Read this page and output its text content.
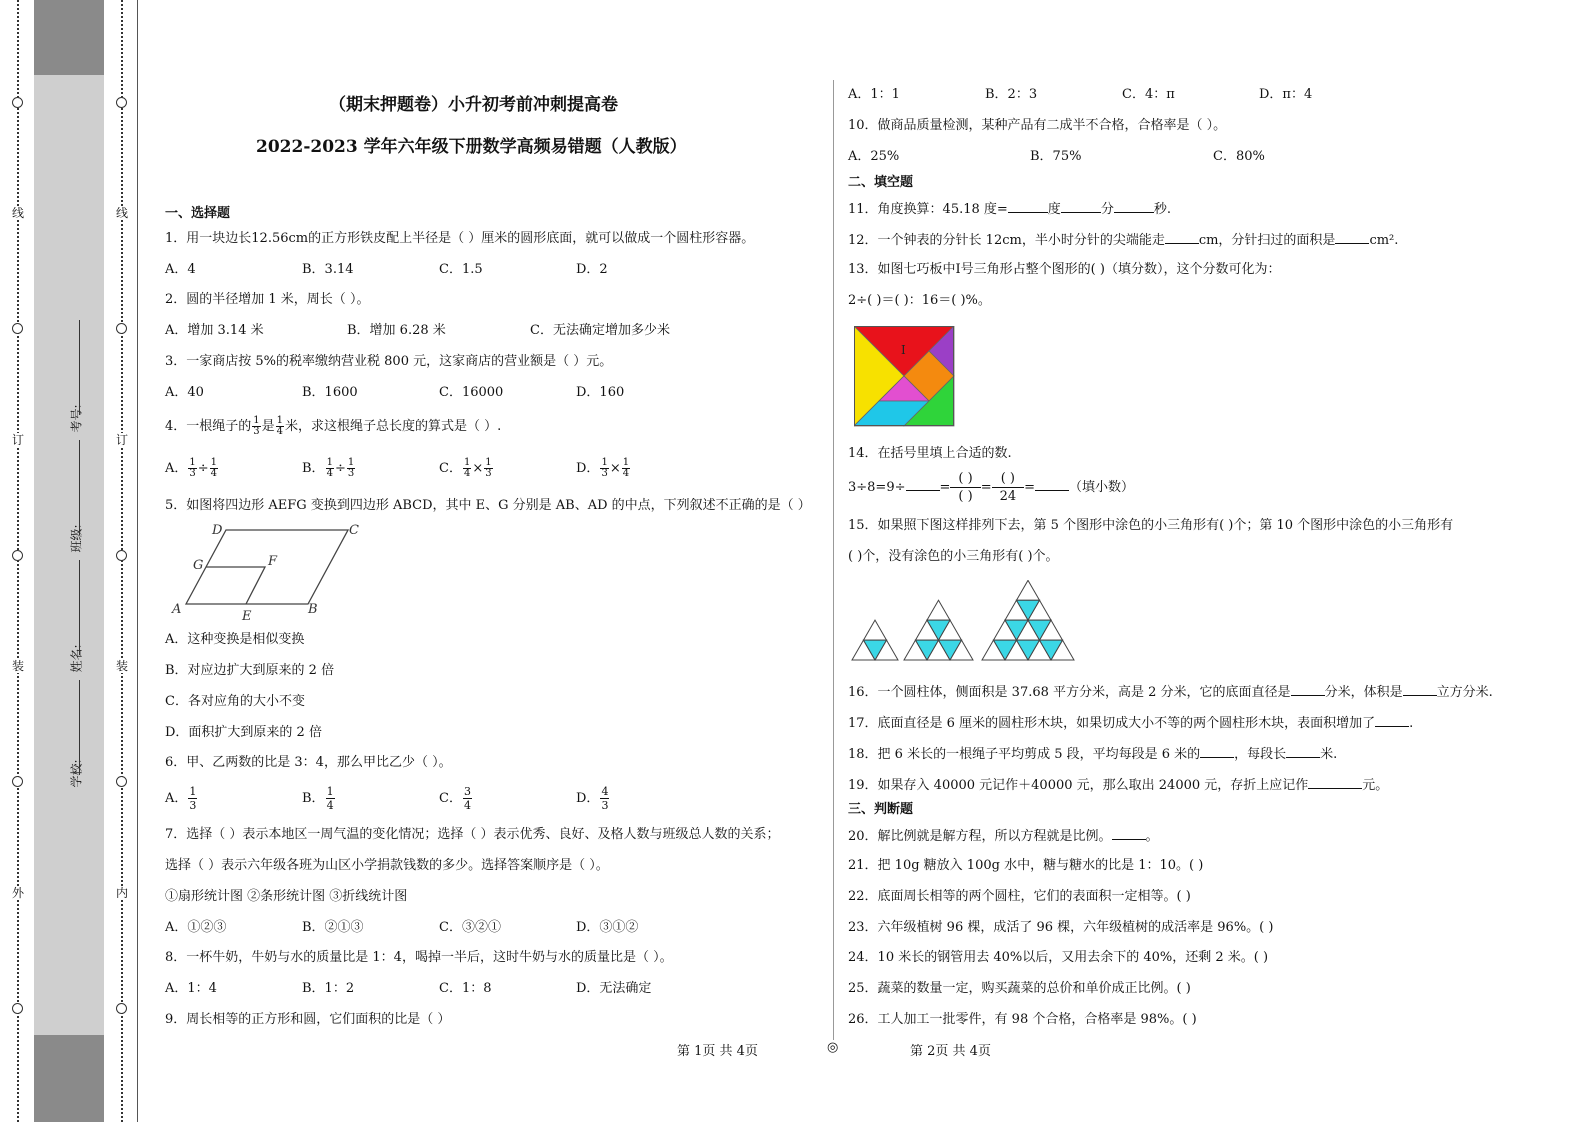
线
订
装
外
线
订
装
内
考号:
班级:
姓名:
学校:
（期末押题卷）小升初考前冲刺提高卷
2022-2023 学年六年级下册数学高频易错题（人教版）
一、选择题
1．用一块边长12.56cm的正方形铁皮配上半径是（ ）厘米的圆形底面，就可以做成一个圆柱形容器。
A．4	B．3.14	C．1.5	D．2
2．圆的半径增加 1 米，周长（ ）。
A．增加 3.14 米	B．增加 6.28 米	C．无法确定增加多少米
3．一家商店按 5%的税率缴纳营业税 800 元，这家商店的营业额是（ ）元。
A．40	B．1600	C．16000	D．160
4．一根绳子的 $\frac{1}{3}$ 是 $\frac{1}{4}$ 米，求这根绳子总长度的算式是（ ）.
A． $\frac{1}{3} \div \frac{1}{4}$	B． $\frac{1}{4} \div \frac{1}{3}$	C． $\frac{1}{4} \times \frac{1}{3}$	D． $\frac{1}{3} \times \frac{1}{4}$
5．如图将四边形 AEFG 变换到四边形 ABCD，其中 E、G 分别是 AB、AD 的中点，下列叙述不正确的是（ ）
D	C
G	F
A	E	B
A．这种变换是相似变换
B．对应边扩大到原来的 2 倍
C．各对应角的大小不变
D．面积扩大到原来的 2 倍
6．甲、乙两数的比是 3：4，那么甲比乙少（ ）。
A． $\frac{1}{3}$	B． $\frac{1}{4}$	C． $\frac{3}{4}$	D． $\frac{4}{3}$
7．选择（ ）表示本地区一周气温的变化情况；选择（ ）表示优秀、良好、及格人数与班级总人数的关系；
选择（ ）表示六年级各班为山区小学捐款钱数的多少。选择答案顺序是（ ）。
①扇形统计图 ②条形统计图 ③折线统计图
A．①②③	B．②①③	C．③②①	D．③①②
8．一杯牛奶，牛奶与水的质量比是 1：4，喝掉一半后，这时牛奶与水的质量比是（ ）。
A．1：4	B．1：2	C．1：8	D．无法确定
9．周长相等的正方形和圆，它们面积的比是（ ）
A．1：1	B．2：3	C．4：π	D．π：4
10．做商品质量检测，某种产品有二成半不合格，合格率是（ ）。
A．25%	B．75%	C．80%
二、填空题
11．角度换算：45.18 度=	度	分	秒.
12．一个钟表的分针长 12cm，半小时分针的尖端能走	cm，分针扫过的面积是	cm².
13．如图七巧板中Ⅰ号三角形占整个图形的( )（填分数），这个分数可化为：
2÷( )＝( )：16＝( )%。
Ⅰ
14．在括号里填上合适的数.
3÷8=9÷	=
( )
( )
=
( )
24
=	（填小数）
15．如果照下图这样排列下去，第 5 个图形中涂色的小三角形有( )个；第 10 个图形中涂色的小三角形有
( )个，没有涂色的小三角形有( )个。
16．一个圆柱体，侧面积是 37.68 平方分米，高是 2 分米，它的底面直径是	分米，体积是	立方分米.
17．底面直径是 6 厘米的圆柱形木块，如果切成大小不等的两个圆柱形木块，表面积增加了	.
18．把 6 米长的一根绳子平均剪成 5 段，平均每段是 6 米的	，每段长	米.
19．如果存入 40000 元记作＋40000 元，那么取出 24000 元，存折上应记作	元。
三、判断题
20．解比例就是解方程，所以方程就是比例。	。
21．把 10g 糖放入 100g 水中，糖与糖水的比是 1：10。( )
22．底面周长相等的两个圆柱，它们的表面积一定相等。( )
23．六年级植树 96 棵，成活了 96 棵，六年级植树的成活率是 96%。( )
24．10 米长的钢管用去 40%以后，又用去余下的 40%，还剩 2 米。( )
25．蔬菜的数量一定，购买蔬菜的总价和单价成正比例。( )
26．工人加工一批零件，有 98 个合格，合格率是 98%。( )
第 1页 共 4页	◎	第 2页 共 4页
